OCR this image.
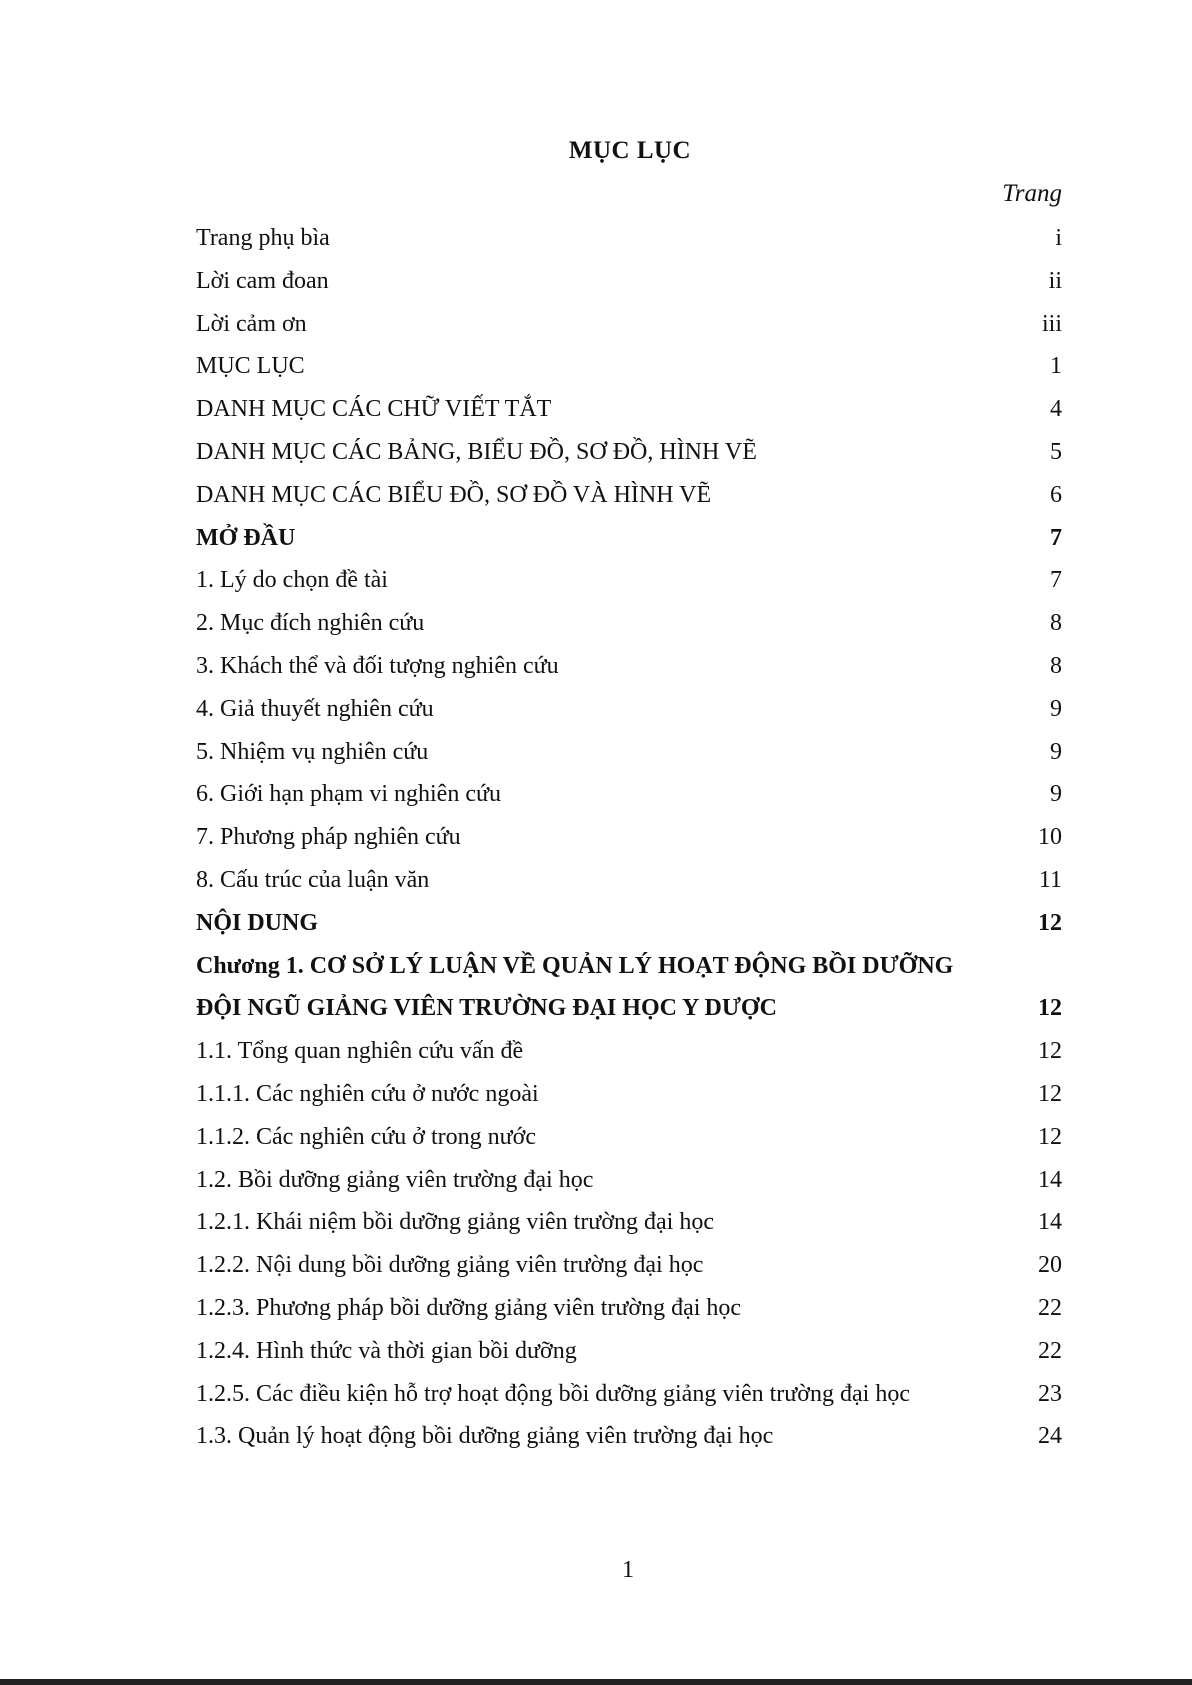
MỤC LỤC
Trang
Trang phụ bìa	i
Lời cam đoan	ii
Lời cảm ơn	iii
MỤC LỤC	1
DANH MỤC CÁC CHỮ VIẾT TẮT	4
DANH MỤC CÁC BẢNG, BIỂU ĐỒ, SƠ ĐỒ, HÌNH VẼ	5
DANH MỤC CÁC BIỂU ĐỒ, SƠ ĐỒ VÀ HÌNH VẼ	6
MỞ ĐẦU	7
1. Lý do chọn đề tài	7
2. Mục đích nghiên cứu	8
3. Khách thể và đối tượng nghiên cứu	8
4. Giả thuyết nghiên cứu	9
5. Nhiệm vụ nghiên cứu	9
6. Giới hạn phạm vi nghiên cứu	9
7. Phương pháp nghiên cứu	10
8. Cấu trúc của luận văn	11
NỘI DUNG	12
Chương 1. CƠ SỞ LÝ LUẬN VỀ QUẢN LÝ HOẠT ĐỘNG BỒI DƯỠNG
ĐỘI NGŨ GIẢNG VIÊN TRƯỜNG ĐẠI HỌC Y DƯỢC	12
1.1. Tổng quan nghiên cứu vấn đề	12
1.1.1. Các nghiên cứu ở nước ngoài	12
1.1.2. Các nghiên cứu ở trong nước	12
1.2. Bồi dưỡng giảng viên trường đại học	14
1.2.1. Khái niệm bồi dưỡng giảng viên trường đại học	14
1.2.2. Nội dung bồi dưỡng giảng viên trường đại học	20
1.2.3. Phương pháp bồi dưỡng giảng viên trường đại học	22
1.2.4. Hình thức và thời gian bồi dưỡng	22
1.2.5. Các điều kiện hỗ trợ hoạt động bồi dưỡng giảng viên trường đại học	23
1.3. Quản lý hoạt động bồi dưỡng giảng viên trường đại học	24
1
